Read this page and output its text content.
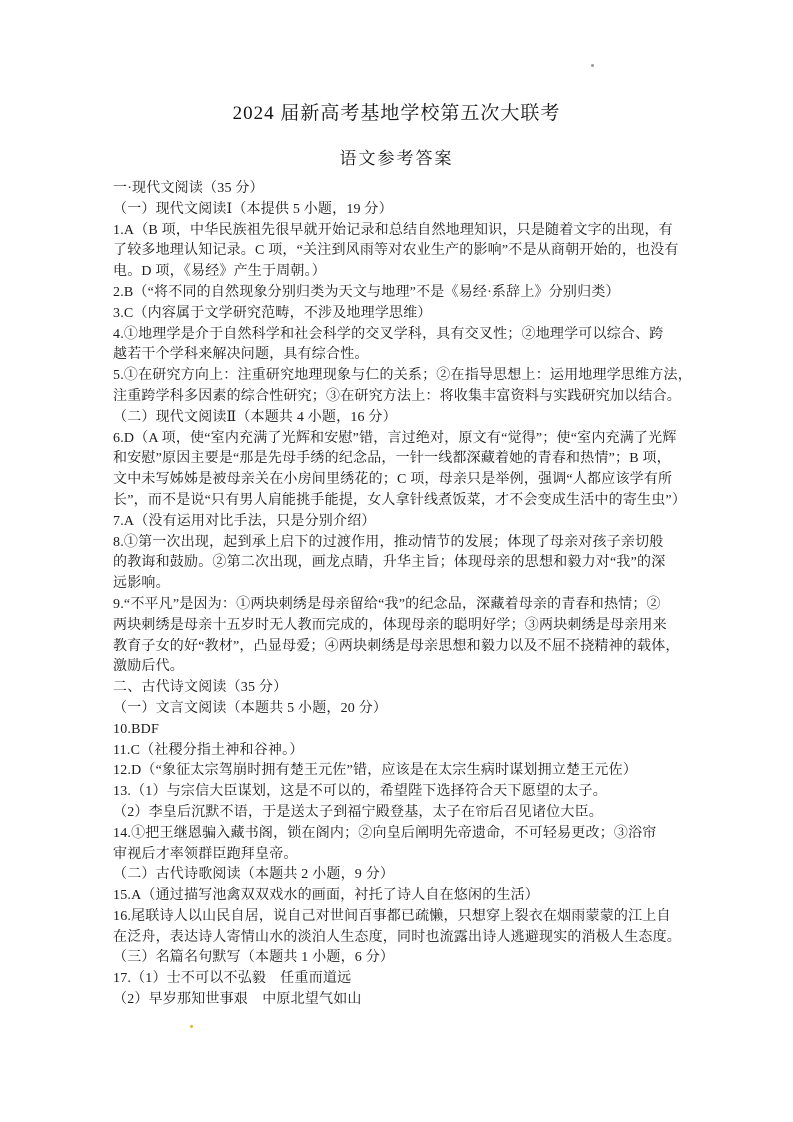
2024 届新高考基地学校第五次大联考
语文参考答案
一·现代文阅读（35 分）
（一）现代文阅读Ⅰ（本提供 5 小题，19 分）
1.A（B 项，中华民族祖先很早就开始记录和总结自然地理知识，只是随着文字的出现，有
了较多地理认知记录。C 项，“关注到风雨等对农业生产的影响”不是从商朝开始的，也没有
电。D 项，《易经》产生于周朝。）
2.B（“将不同的自然现象分别归类为天文与地理”不是《易经·系辞上》分别归类）
3.C（内容属于文学研究范畴，不涉及地理学思维）
4.①地理学是介于自然科学和社会科学的交叉学科，具有交叉性；②地理学可以综合、跨
越若干个学科来解决问题，具有综合性。
5.①在研究方向上：注重研究地理现象与仁的关系；②在指导思想上：运用地理学思维方法，
注重跨学科多因素的综合性研究；③在研究方法上：将收集丰富资料与实践研究加以结合。
（二）现代文阅读Ⅱ（本题共 4 小题，16 分）
6.D（A 项，使“室内充满了光辉和安慰”错，言过绝对，原文有“觉得”；使“室内充满了光辉
和安慰”原因主要是“那是先母手绣的纪念品，一针一线都深藏着她的青春和热情”；B 项，
文中未写姊姊是被母亲关在小房间里绣花的；C 项，母亲只是举例，强调“人都应该学有所
长”，而不是说“只有男人肩能挑手能提，女人拿针线煮饭菜，才不会变成生活中的寄生虫”）
7.A（没有运用对比手法，只是分别介绍）
8.①第一次出现，起到承上启下的过渡作用，推动情节的发展；体现了母亲对孩子亲切般
的教诲和鼓励。②第二次出现，画龙点睛，升华主旨；体现母亲的思想和毅力对“我”的深
远影响。
9.“不平凡”是因为：①两块刺绣是母亲留给“我”的纪念品，深藏着母亲的青春和热情；②
两块刺绣是母亲十五岁时无人教而完成的，体现母亲的聪明好学；③两块刺绣是母亲用来
教育子女的好“教材”，凸显母爱；④两块刺绣是母亲思想和毅力以及不屈不挠精神的载体，
激励后代。
二、古代诗文阅读（35 分）
（一）文言文阅读（本题共 5 小题，20 分）
10.BDF
11.C（社稷分指土神和谷神。）
12.D（“象征太宗驾崩时拥有楚王元佐”错，应该是在太宗生病时谋划拥立楚王元佐）
13.（1）与宗信大臣谋划，这是不可以的，希望陛下选择符合天下愿望的太子。
（2）李皇后沉默不语，于是送太子到福宁殿登基，太子在帘后召见诸位大臣。
14.①把王继恩骗入藏书阁，锁在阁内；②向皇后阐明先帝遗命，不可轻易更改；③浴帘
审视后才率领群臣跑拜皇帝。
（二）古代诗歌阅读（本题共 2 小题，9 分）
15.A（通过描写池禽双双戏水的画面，衬托了诗人自在悠闲的生活）
16.尾联诗人以山民自居，说自己对世间百事都已疏懒，只想穿上裂衣在烟雨蒙蒙的江上自
在泛舟，表达诗人寄情山水的淡泊人生态度，同时也流露出诗人逃避现实的消极人生态度。
（三）名篇名句默写（本题共 1 小题，6 分）
17.（1）士不可以不弘毅　任重而道远
（2）早岁那知世事艰　中原北望气如山
